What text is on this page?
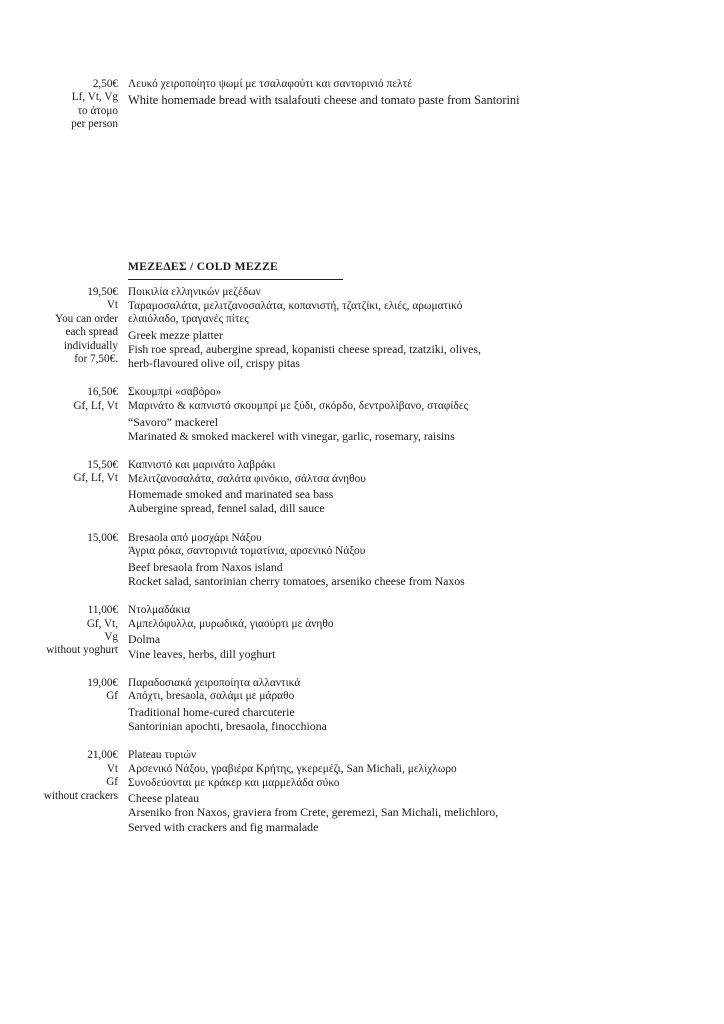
2,50€
Lf, Vt, Vg
το άτομο
per person
Λευκό χειροποίητο ψωμί με τσαλαφούτι και σαντορινιό πελτέ
White homemade bread with tsalafouti cheese and tomato paste from Santorini
ΜΕΖΕΔΕΣ / COLD MEZZE
19,50€
Vt
You can order
each spread
individually
for 7,50€.
Ποικιλία ελληνικών μεζέδων
Ταραμοσαλάτα, μελιτζανοσαλάτα, κοπανιστή, τζατζίκι, ελιές, αρωματικό
ελαιόλαδο, τραγανές πίτες
Greek mezze platter
Fish roe spread, aubergine spread, kopanisti cheese spread, tzatziki, olives,
herb-flavoured olive oil, crispy pitas
16,50€
Gf, Lf, Vt
Σκουμπρί «σαβόρο»
Μαρινάτο & καπνιστό σκουμπρί με ξύδι, σκόρδο, δεντρολίβανο, σταφίδες
“Savoro” mackerel
Marinated & smoked mackerel with vinegar, garlic, rosemary, raisins
15,50€
Gf, Lf, Vt
Καπνιστό και μαρινάτο λαβράκι
Μελιτζανοσαλάτα, σαλάτα φινόκιο, σάλτσα άνηθου
Homemade smoked and marinated sea bass
Aubergine spread, fennel salad, dill sauce
15,00€ Bresaola από μοσχάρι Νάξου
Άγρια ρόκα, σαντορινιά τοματίνια, αρσενικό Νάξου
Beef bresaola from Naxos island
Rocket salad, santorinian cherry tomatoes, arseniko cheese from Naxos
11,00€
Gf, Vt,
Vg
without yoghurt
Ντολμαδάκια
Αμπελόφυλλα, μυρωδικά, γιαούρτι με άνηθο
Dolma
Vine leaves, herbs, dill yoghurt
19,00€
Gf
Παραδοσιακά χειροποίητα αλλαντικά
Απόχτι, bresaola, σαλάμι με μάραθο
Traditional home-cured charcuterie
Santorinian apochti, bresaola, finocchiona
21,00€
Vt
Gf
without crackers
Plateau τυριών
Αρσενικό Νάξου, γραβιέρα Κρήτης, γκερεμέζι, San Michali, μελίχλωρο
Συνοδεύονται με κράκερ και μαρμελάδα σύκο
Cheese plateau
Arseniko fron Naxos, graviera from Crete, geremezi, San Michali, melichloro,
Served with crackers and fig marmalade
